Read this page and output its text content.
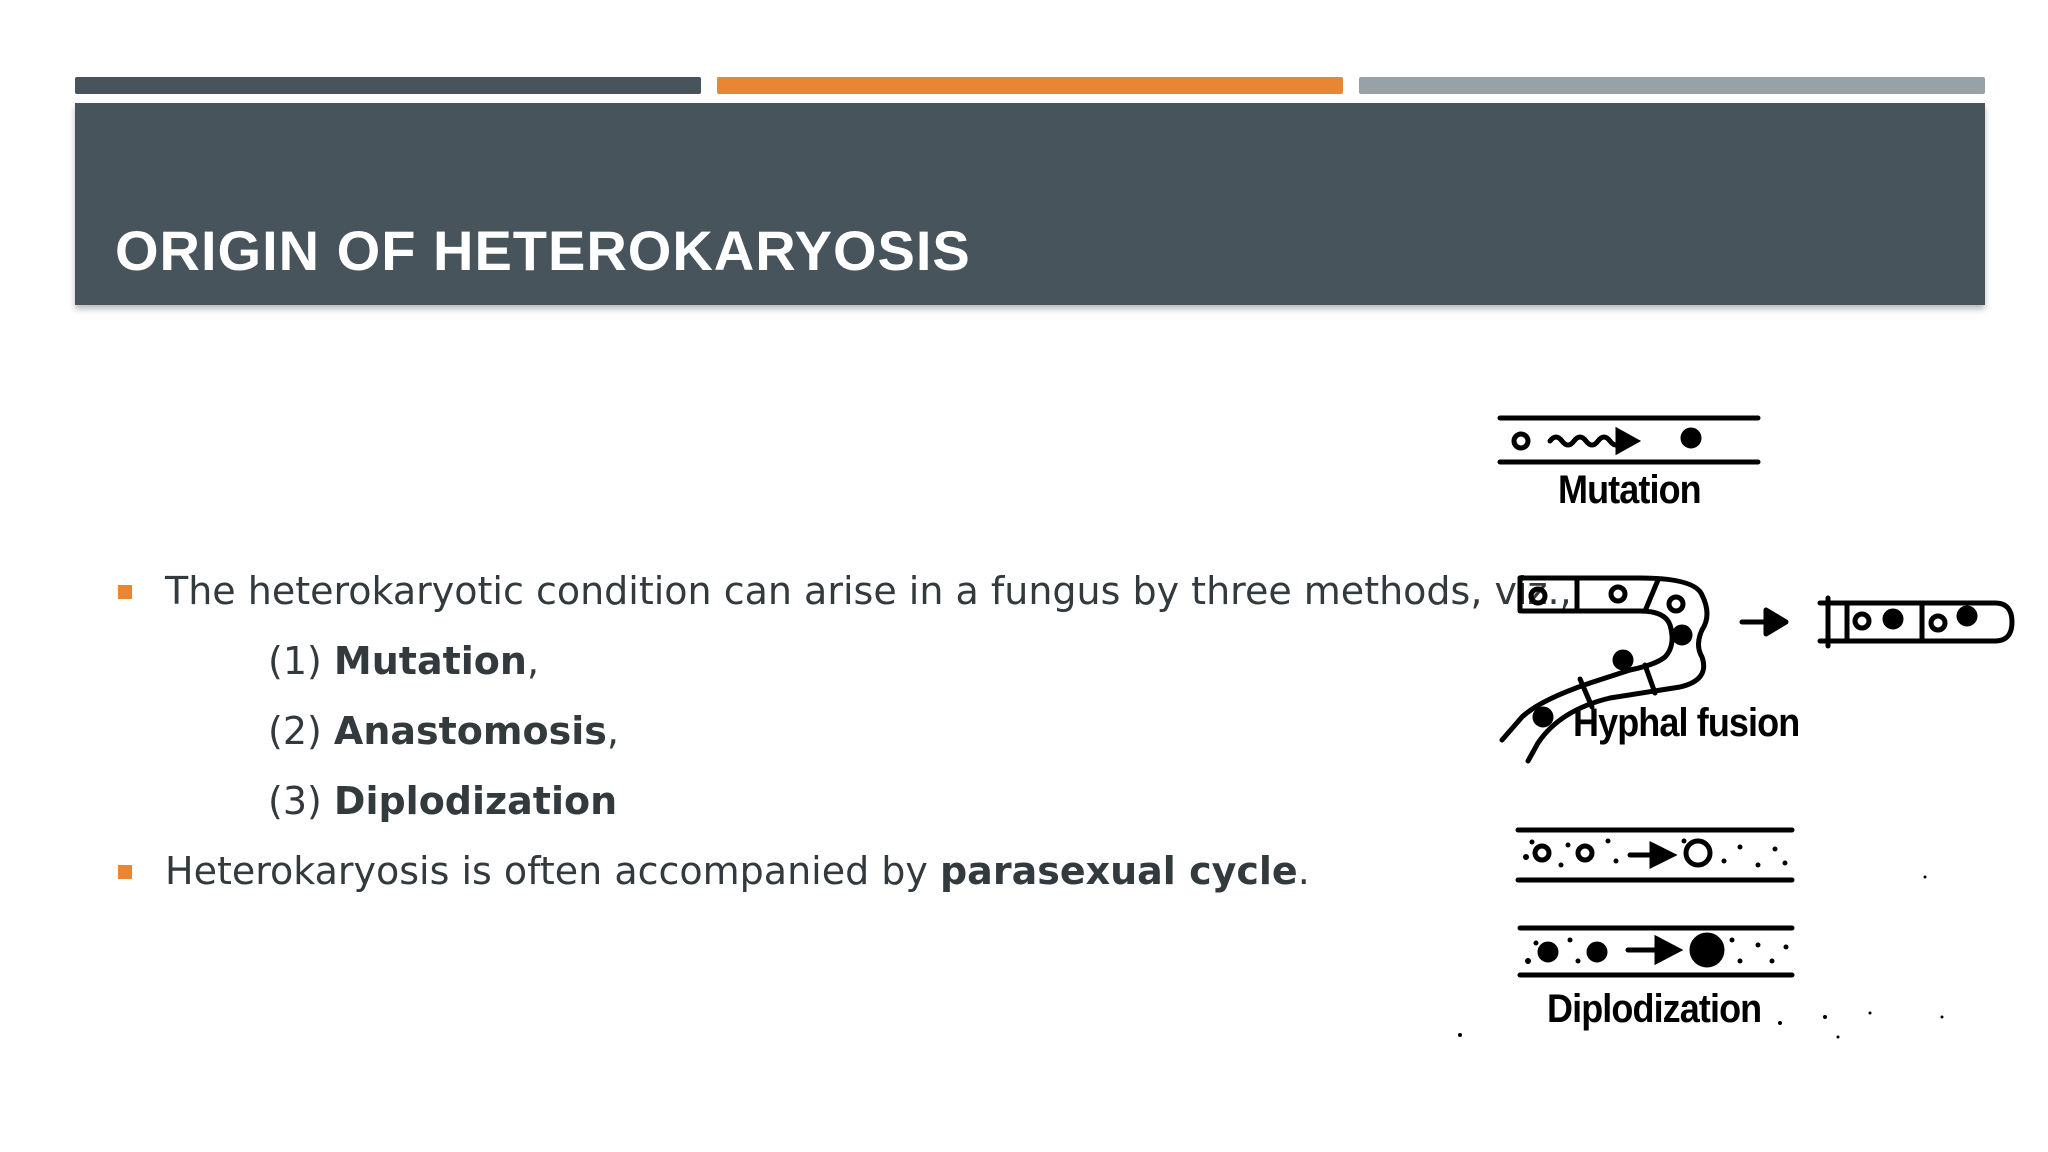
ORIGIN OF HETEROKARYOSIS
The heterokaryotic condition can arise in a fungus by three methods, viz.,
(1) Mutation,
(2) Anastomosis,
(3) Diplodization
Heterokaryosis is often accompanied by parasexual cycle.
Mutation
Hyphal fusion
Diplodization
